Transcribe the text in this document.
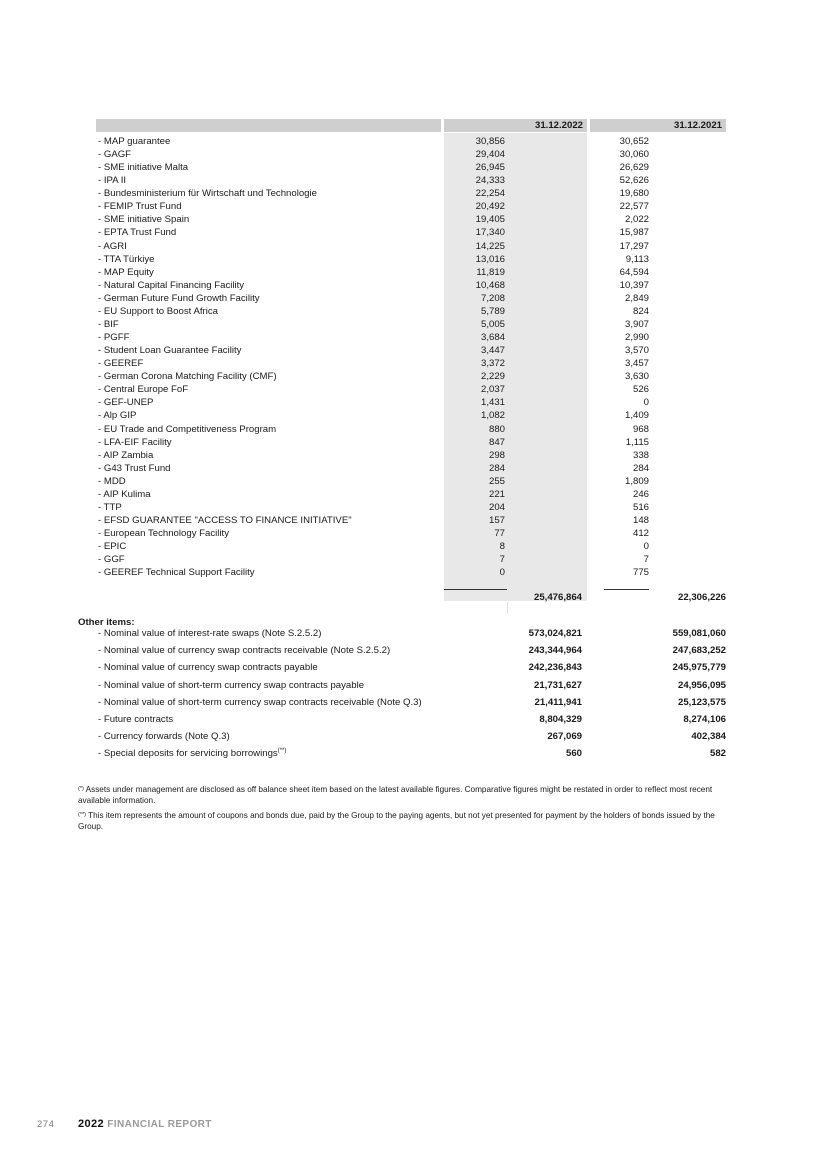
31.12.2022	31.12.2021
- MAP guarantee	30,856	30,652
- GAGF	29,404	30,060
- SME initiative Malta	26,945	26,629
- IPA II	24,333	52,626
- Bundesministerium für Wirtschaft und Technologie	22,254	19,680
- FEMIP Trust Fund	20,492	22,577
- SME initiative Spain	19,405	2,022
- EPTA Trust Fund	17,340	15,987
- AGRI	14,225	17,297
- TTA Türkiye	13,016	9,113
- MAP Equity	11,819	64,594
- Natural Capital Financing Facility	10,468	10,397
- German Future Fund Growth Facility	7,208	2,849
- EU Support to Boost Africa	5,789	824
- BIF	5,005	3,907
- PGFF	3,684	2,990
- Student Loan Guarantee Facility	3,447	3,570
- GEEREF	3,372	3,457
- German Corona Matching Facility (CMF)	2,229	3,630
- Central Europe FoF	2,037	526
- GEF-UNEP	1,431	0
- Alp GIP	1,082	1,409
- EU Trade and Competitiveness Program	880	968
- LFA-EIF Facility	847	1,115
- AIP Zambia	298	338
- G43 Trust Fund	284	284
- MDD	255	1,809
- AIP Kulima	221	246
- TTP	204	516
- EFSD GUARANTEE "ACCESS TO FINANCE INITIATIVE"	157	148
- European Technology Facility	77	412
- EPIC	8	0
- GGF	7	7
- GEEREF Technical Support Facility	0	775
25,476,864	22,306,226
Other items:
- Nominal value of interest-rate swaps (Note S.2.5.2)	573,024,821	559,081,060
- Nominal value of currency swap contracts receivable (Note S.2.5.2)	243,344,964	247,683,252
- Nominal value of currency swap contracts payable	242,236,843	245,975,779
- Nominal value of short-term currency swap contracts payable	21,731,627	24,956,095
- Nominal value of short-term currency swap contracts receivable (Note Q.3)	21,411,941	25,123,575
- Future contracts	8,804,329	8,274,106
- Currency forwards (Note Q.3)	267,069	402,384
- Special deposits for servicing borrowings(**)	560	582
(*) Assets under management are disclosed as off balance sheet item based on the latest available figures. Comparative figures might be restated in order to reflect most recent available information.
(**) This item represents the amount of coupons and bonds due, paid by the Group to the paying agents, but not yet presented for payment by the holders of bonds issued by the Group.
274 2022 FINANCIAL REPORT
